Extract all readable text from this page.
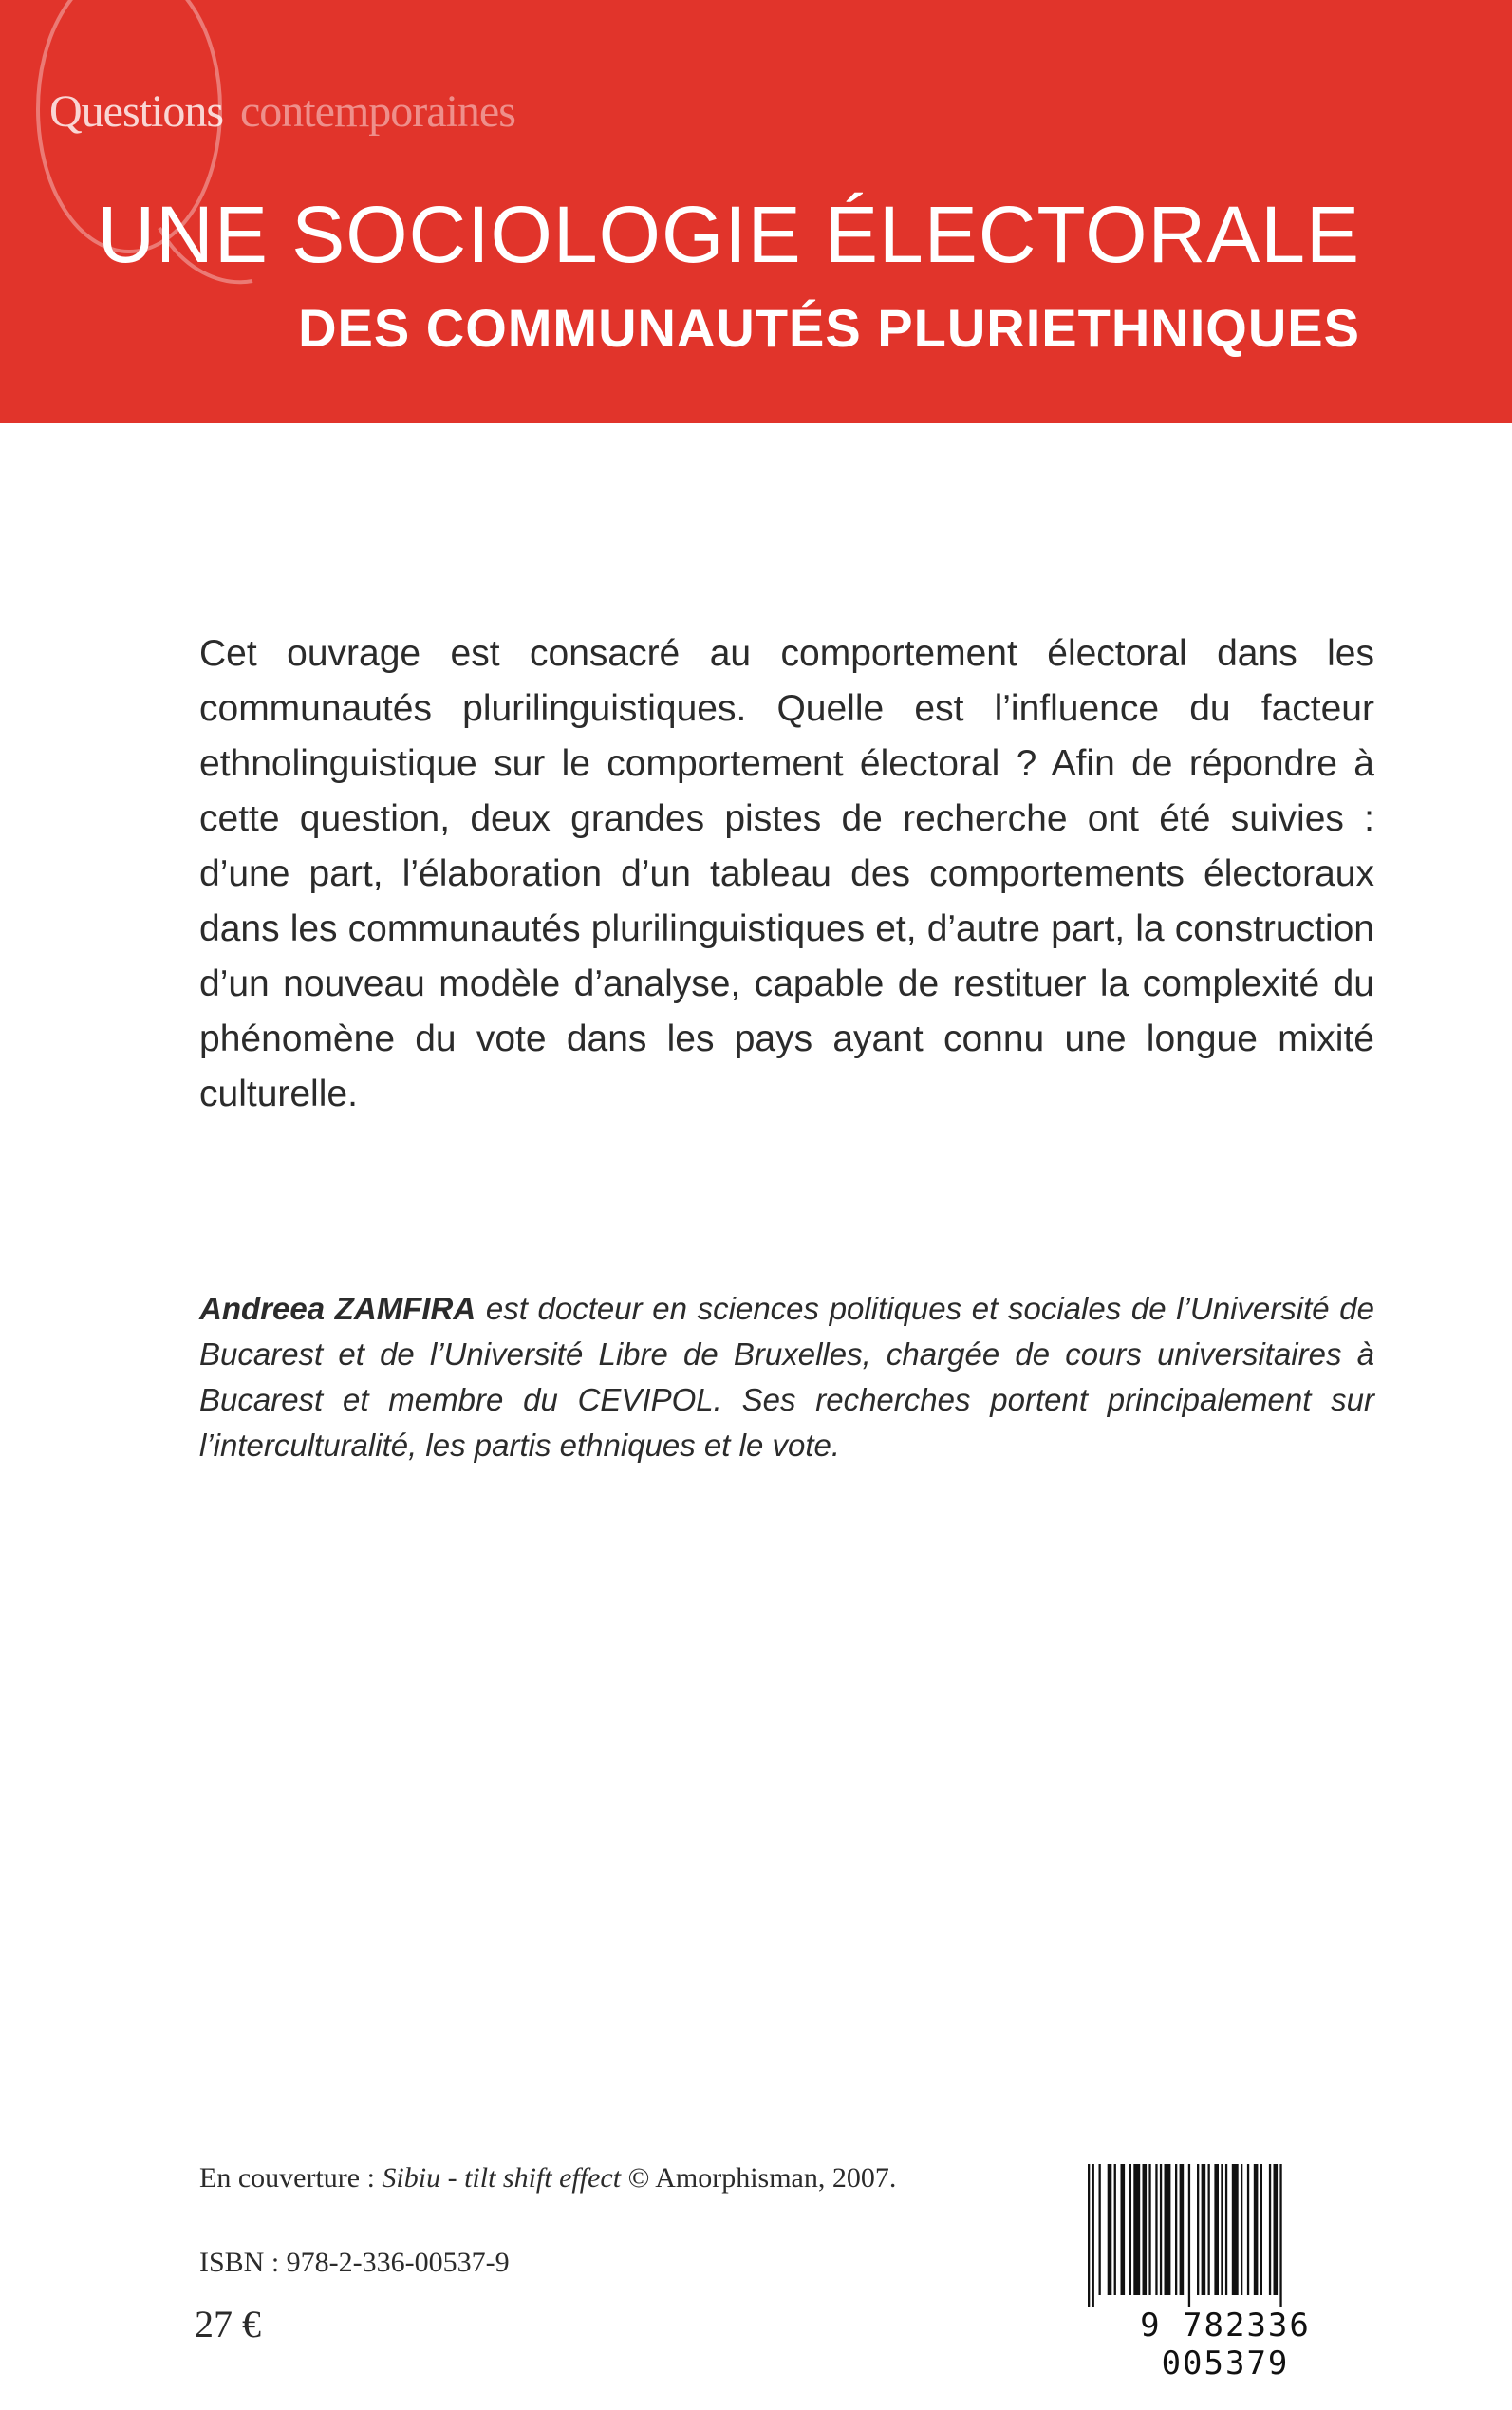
Questions contemporaines
UNE SOCIOLOGIE ÉLECTORALE
DES COMMUNAUTÉS PLURIETHNIQUES

Cet ouvrage est consacré au comportement électoral dans les communautés plurilinguistiques. Quelle est l’influence du facteur ethnolinguistique sur le comportement électoral ? Afin de répondre à cette question, deux grandes pistes de recherche ont été suivies : d’une part, l’élaboration d’un tableau des comportements électoraux dans les communautés plurilinguistiques et, d’autre part, la construction d’un nouveau modèle d’analyse, capable de restituer la complexité du phénomène du vote dans les pays ayant connu une longue mixité culturelle.

Andreea ZAMFIRA est docteur en sciences politiques et sociales de l’Université de Bucarest et de l’Université Libre de Bruxelles, chargée de cours universitaires à Bucarest et membre du CEVIPOL. Ses recherches portent principalement sur l’interculturalité, les partis ethniques et le vote.

En couverture : Sibiu - tilt shift effect © Amorphisman, 2007.
ISBN : 978-2-336-00537-9
27 €	9 782336 005379
